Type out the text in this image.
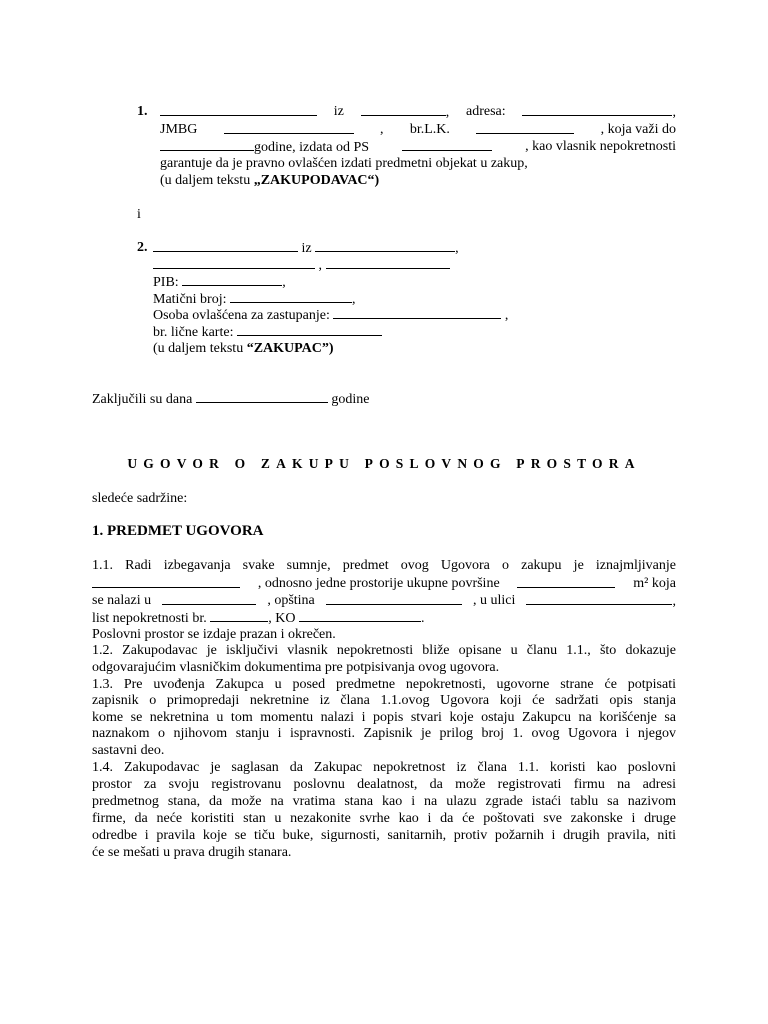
1.	iz	, adresa:	,
JMBG	, br.L.K.	, koja važi do
godine, izdata od PS	, kao vlasnik nepokretnosti
garantuje da je pravno ovlašćen izdati predmetni objekat u zakup,
(u daljem tekstu „ZAKUPODAVAC“)
i
2.	iz	,
,
PIB:	,
Matični broj:	,
Osoba ovlašćena za zastupanje:	,
br. lične karte:
(u daljem tekstu “ZAKUPAC”)
Zaključili su dana	godine
UGOVOR O ZAKUPU POSLOVNOG PROSTORA
sledeće sadržine:
1. PREDMET UGOVORA
1.1. Radi izbegavanja svake sumnje, predmet ovog Ugovora o zakupu je iznajmljivanje
, odnosno jedne prostorije ukupne površine	m² koja
se nalazi u	, opština	, u ulici	,
list nepokretnosti br.	, KO	.
Poslovni prostor se izdaje prazan i okrečen.
1.2. Zakupodavac je isključivi vlasnik nepokretnosti bliže opisane u članu 1.1., što dokazuje
odgovarajućim vlasničkim dokumentima pre potpisivanja ovog ugovora.
1.3. Pre uvođenja Zakupca u posed predmetne nepokretnosti, ugovorne strane će potpisati
zapisnik o primopredaji nekretnine iz člana 1.1.ovog Ugovora koji će sadržati opis stanja
kome se nekretnina u tom momentu nalazi i popis stvari koje ostaju Zakupcu na korišćenje sa
naznakom o njihovom stanju i ispravnosti. Zapisnik je prilog broj 1. ovog Ugovora i njegov
sastavni deo.
1.4. Zakupodavac je saglasan da Zakupac nepokretnost iz člana 1.1. koristi kao poslovni
prostor za svoju registrovanu poslovnu dealatnost, da može registrovati firmu na adresi
predmetnog stana, da može na vratima stana kao i na ulazu zgrade istaći tablu sa nazivom
firme, da neće koristiti stan u nezakonite svrhe kao i da će poštovati sve zakonske i druge
odredbe i pravila koje se tiču buke, sigurnosti, sanitarnih, protiv požarnih i drugih pravila, niti
će se mešati u prava drugih stanara.
